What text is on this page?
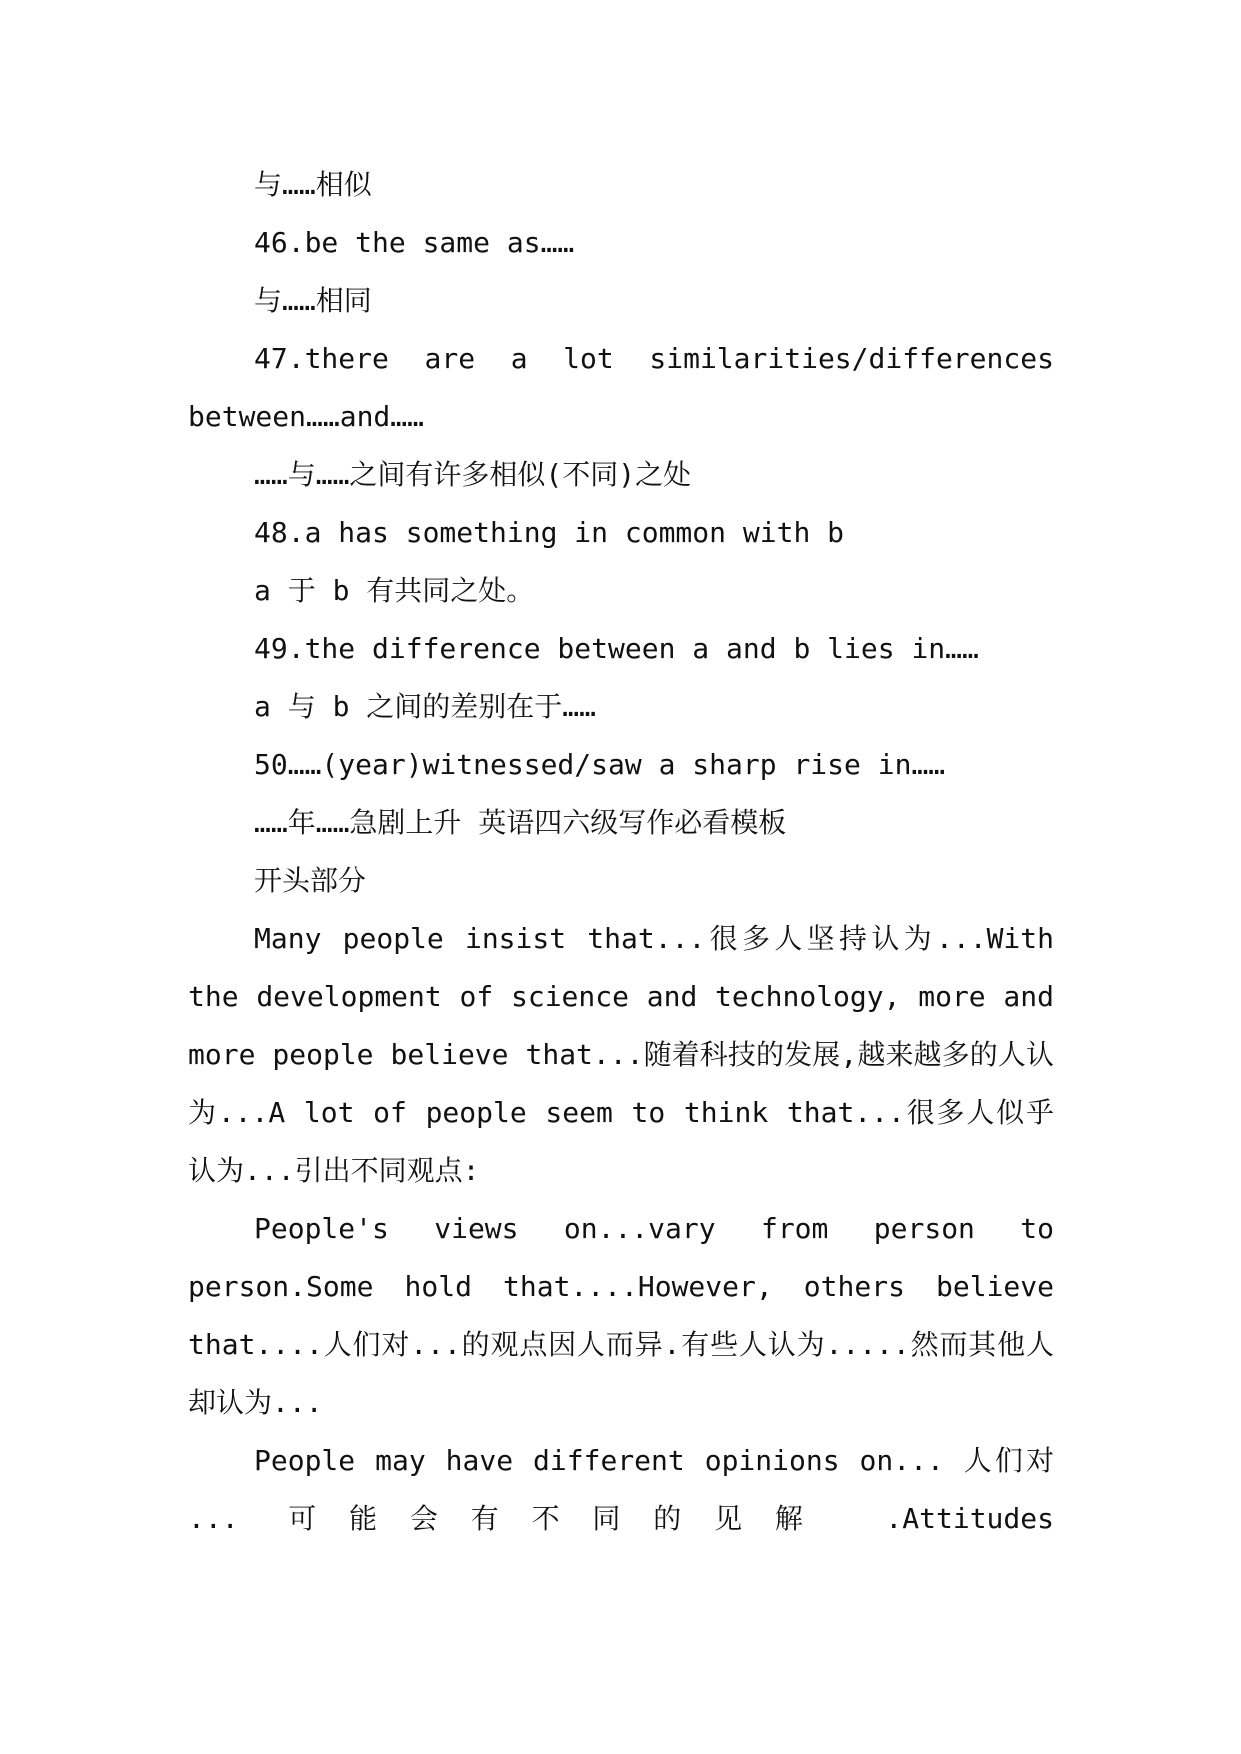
与……相似

46.be the same as……

与……相同

47.there are a lot similarities/differences

between……and……

……与……之间有许多相似(不同)之处

48.a has something in common with b

a 于 b 有共同之处。

49.the difference between a and b lies in……

a 与 b 之间的差别在于……

50……(year)witnessed/saw a sharp rise in……

……年……急剧上升 英语四六级写作必看模板

开头部分

Many people insist that...很多人坚持认为...With the development of science and technology, more and more people believe that...随着科技的发展,越来越多的人认为...A lot of people seem to think that...很多人似乎认为...引出不同观点:

People's views on...vary from person to person.Some hold that....However, others believe that....人们对...的观点因人而异.有些人认为.....然而其他人却认为...

People may have different opinions on... 人们对 ... 可能会有不同的见解 .Attitudes
